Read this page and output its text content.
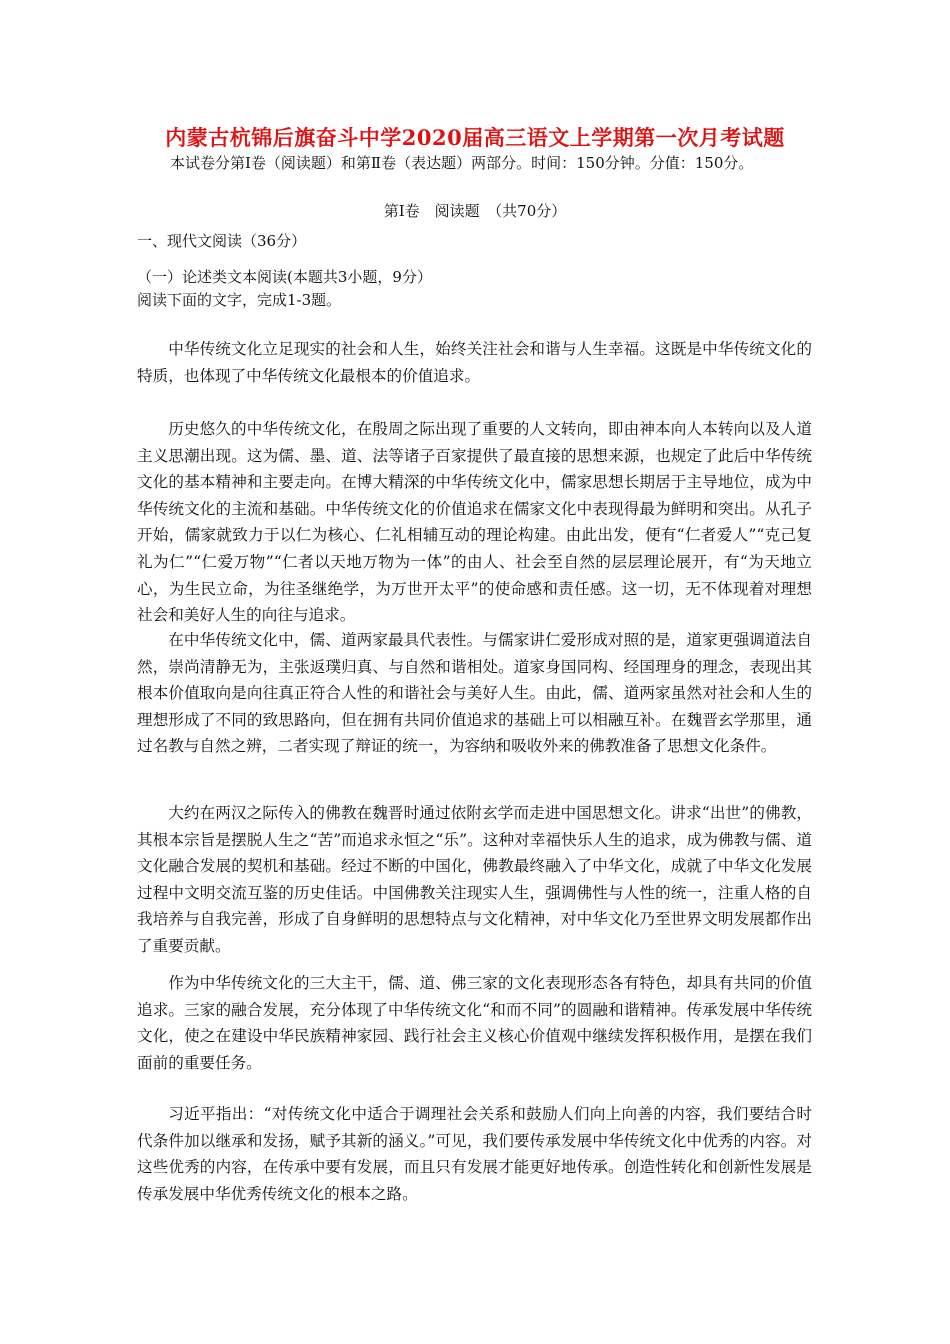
内蒙古杭锦后旗奋斗中学2020届高三语文上学期第一次月考试题
本试卷分第Ⅰ卷（阅读题）和第Ⅱ卷（表达题）两部分。时间：150分钟。分值：150分。
第Ⅰ卷　阅读题　（共70分）
一、现代文阅读（36分）
（一）论述类文本阅读(本题共3小题，9分）
阅读下面的文字，完成1-3题。

中华传统文化立足现实的社会和人生，始终关注社会和谐与人生幸福。这既是中华传统文化的特质，也体现了中华传统文化最根本的价值追求。

历史悠久的中华传统文化，在殷周之际出现了重要的人文转向，即由神本向人本转向以及人道主义思潮出现。这为儒、墨、道、法等诸子百家提供了最直接的思想来源，也规定了此后中华传统文化的基本精神和主要走向。在博大精深的中华传统文化中，儒家思想长期居于主导地位，成为中华传统文化的主流和基础。中华传统文化的价值追求在儒家文化中表现得最为鲜明和突出。从孔子开始，儒家就致力于以仁为核心、仁礼相辅互动的理论构建。由此出发，便有“仁者爱人”“克己复礼为仁”“仁爱万物”“仁者以天地万物为一体”的由人、社会至自然的层层理论展开，有“为天地立心，为生民立命，为往圣继绝学，为万世开太平”的使命感和责任感。这一切，无不体现着对理想社会和美好人生的向往与追求。

在中华传统文化中，儒、道两家最具代表性。与儒家讲仁爱形成对照的是，道家更强调道法自然，崇尚清静无为，主张返璞归真、与自然和谐相处。道家身国同构、经国理身的理念，表现出其根本价值取向是向往真正符合人性的和谐社会与美好人生。由此，儒、道两家虽然对社会和人生的理想形成了不同的致思路向，但在拥有共同价值追求的基础上可以相融互补。在魏晋玄学那里，通过名教与自然之辨，二者实现了辩证的统一，为容纳和吸收外来的佛教准备了思想文化条件。

大约在两汉之际传入的佛教在魏晋时通过依附玄学而走进中国思想文化。讲求“出世”的佛教，其根本宗旨是摆脱人生之“苦”而追求永恒之“乐”。这种对幸福快乐人生的追求，成为佛教与儒、道文化融合发展的契机和基础。经过不断的中国化，佛教最终融入了中华文化，成就了中华文化发展过程中文明交流互鉴的历史佳话。中国佛教关注现实人生，强调佛性与人性的统一，注重人格的自我培养与自我完善，形成了自身鲜明的思想特点与文化精神，对中华文化乃至世界文明发展都作出了重要贡献。

作为中华传统文化的三大主干，儒、道、佛三家的文化表现形态各有特色，却具有共同的价值追求。三家的融合发展，充分体现了中华传统文化“和而不同”的圆融和谐精神。传承发展中华传统文化，使之在建设中华民族精神家园、践行社会主义核心价值观中继续发挥积极作用，是摆在我们面前的重要任务。

习近平指出：“对传统文化中适合于调理社会关系和鼓励人们向上向善的内容，我们要结合时代条件加以继承和发扬，赋予其新的涵义。”可见，我们要传承发展中华传统文化中优秀的内容。对这些优秀的内容，在传承中要有发展，而且只有发展才能更好地传承。创造性转化和创新性发展是传承发展中华优秀传统文化的根本之路。
